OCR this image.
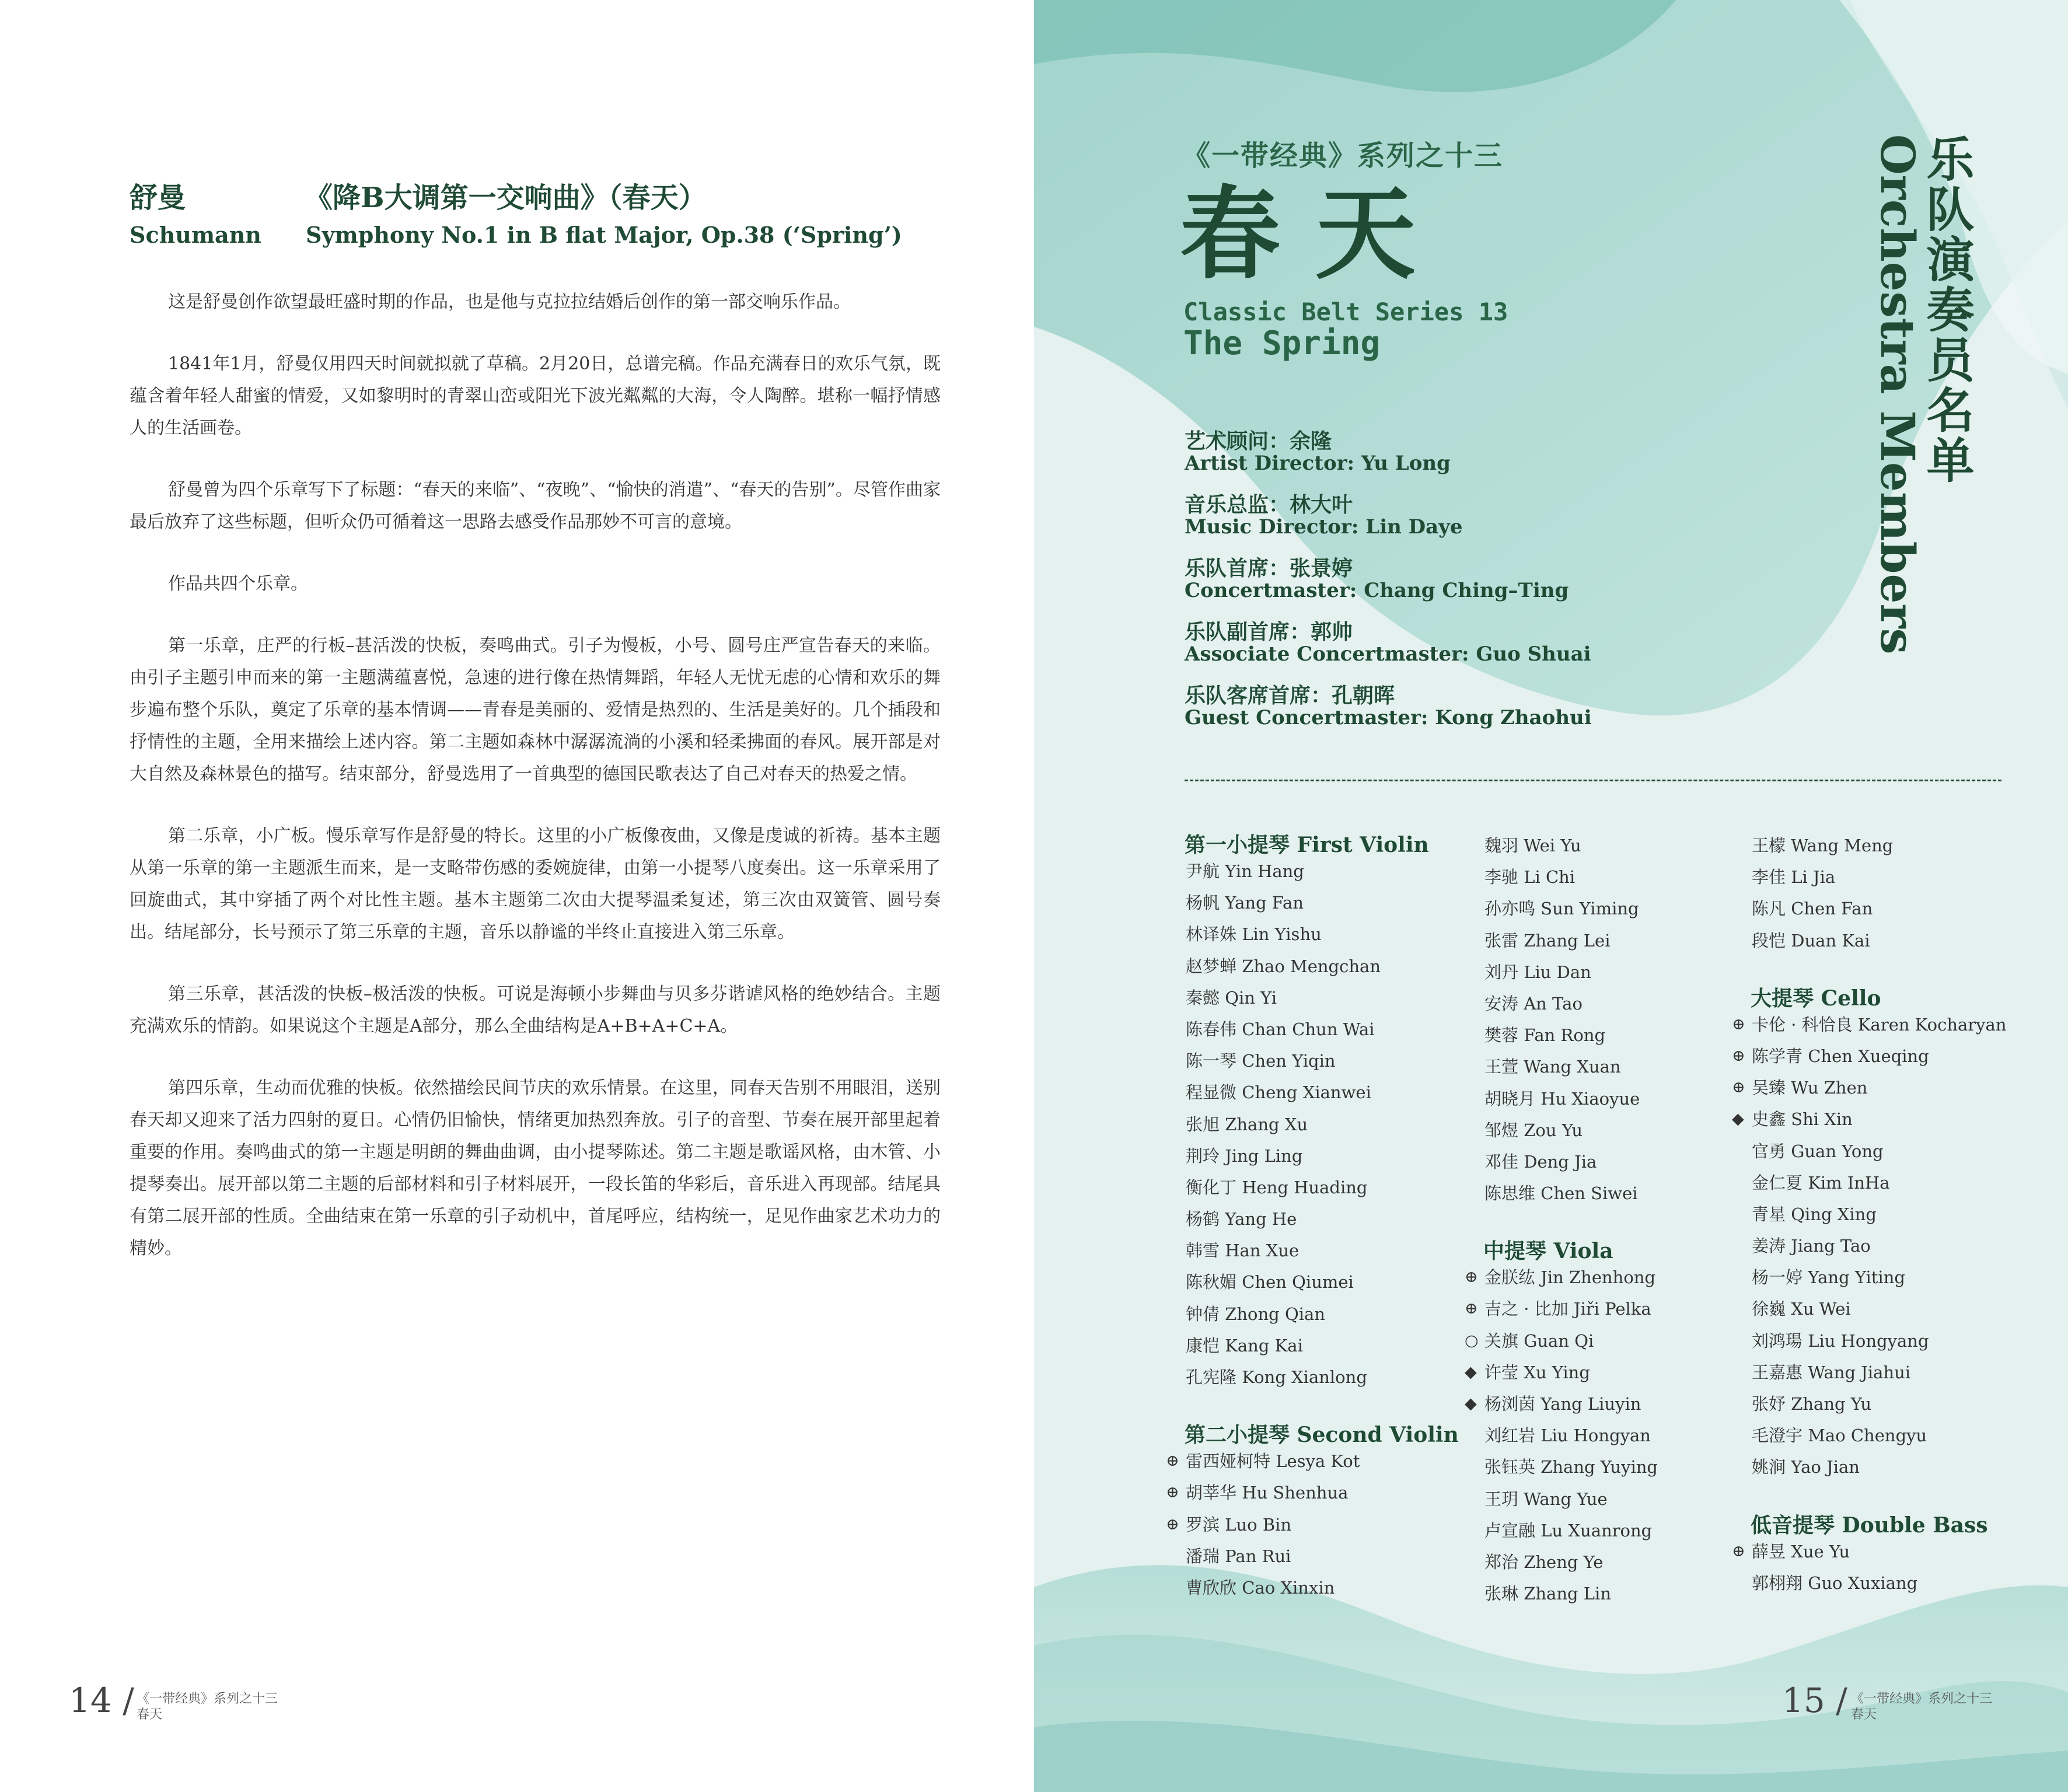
舒曼	《降B大调第一交响曲》（春天）
Schumann Symphony No.1 in B flat Major, Op.38 (‘Spring’)

这是舒曼创作欲望最旺盛时期的作品，也是他与克拉拉结婚后创作的第一部交响乐作品。

1841年1月，舒曼仅用四天时间就拟就了草稿。2月20日，总谱完稿。作品充满春日的欢乐气氛，既蕴含着年轻人甜蜜的情爱，又如黎明时的青翠山峦或阳光下波光粼粼的大海，令人陶醉。堪称一幅抒情感人的生活画卷。

舒曼曾为四个乐章写下了标题：“春天的来临”、“夜晚”、“愉快的消遣”、“春天的告别”。尽管作曲家最后放弃了这些标题，但听众仍可循着这一思路去感受作品那妙不可言的意境。

作品共四个乐章。

第一乐章，庄严的行板–甚活泼的快板，奏鸣曲式。引子为慢板，小号、圆号庄严宣告春天的来临。由引子主题引申而来的第一主题满蕴喜悦，急速的进行像在热情舞蹈，年轻人无忧无虑的心情和欢乐的舞步遍布整个乐队，奠定了乐章的基本情调——青春是美丽的、爱情是热烈的、生活是美好的。几个插段和抒情性的主题，全用来描绘上述内容。第二主题如森林中潺潺流淌的小溪和轻柔拂面的春风。展开部是对大自然及森林景色的描写。结束部分，舒曼选用了一首典型的德国民歌表达了自己对春天的热爱之情。

第二乐章，小广板。慢乐章写作是舒曼的特长。这里的小广板像夜曲，又像是虔诚的祈祷。基本主题从第一乐章的第一主题派生而来，是一支略带伤感的委婉旋律，由第一小提琴八度奏出。这一乐章采用了回旋曲式，其中穿插了两个对比性主题。基本主题第二次由大提琴温柔复述，第三次由双簧管、圆号奏出。结尾部分，长号预示了第三乐章的主题，音乐以静谧的半终止直接进入第三乐章。

第三乐章，甚活泼的快板–极活泼的快板。可说是海顿小步舞曲与贝多芬谐谑风格的绝妙结合。主题充满欢乐的情韵。如果说这个主题是A部分，那么全曲结构是A+B+A+C+A。

第四乐章，生动而优雅的快板。依然描绘民间节庆的欢乐情景。在这里，同春天告别不用眼泪，送别春天却又迎来了活力四射的夏日。心情仍旧愉快，情绪更加热烈奔放。引子的音型、节奏在展开部里起着重要的作用。奏鸣曲式的第一主题是明朗的舞曲曲调，由小提琴陈述。第二主题是歌谣风格，由木管、小提琴奏出。展开部以第二主题的后部材料和引子材料展开，一段长笛的华彩后，音乐进入再现部。结尾具有第二展开部的性质。全曲结束在第一乐章的引子动机中，首尾呼应，结构统一，足见作曲家艺术功力的精妙。

14 / 《一带经典》系列之十三
春天
《一带经典》系列之十三
春天
Classic Belt Series 13
The Spring	乐队演奏员名单
Orchestra Members
艺术顾问：余隆
Artist Director: Yu Long
音乐总监：林大叶
Music Director: Lin Daye
乐队首席：张景婷
Concertmaster: Chang Ching–Ting
乐队副首席：郭帅
Associate Concertmaster: Guo Shuai
乐队客席首席：孔朝晖
Guest Concertmaster: Kong Zhaohui
第一小提琴 First Violin
尹航 Yin Hang
杨帆 Yang Fan
林译姝 Lin Yishu
赵梦蝉 Zhao Mengchan
秦懿 Qin Yi
陈春伟 Chan Chun Wai
陈一琴 Chen Yiqin
程显微 Cheng Xianwei
张旭 Zhang Xu
荆玲 Jing Ling
衡化丁 Heng Huading
杨鹤 Yang He
韩雪 Han Xue
陈秋媚 Chen Qiumei
钟倩 Zhong Qian
康恺 Kang Kai
孔宪隆 Kong Xianlong
第二小提琴 Second Violin
⊕ 雷西娅柯特 Lesya Kot
⊕ 胡莘华 Hu Shenhua
⊕ 罗滨 Luo Bin
潘瑞 Pan Rui
曹欣欣 Cao Xinxin
魏羽 Wei Yu
李驰 Li Chi
孙亦鸣 Sun Yiming
张雷 Zhang Lei
刘丹 Liu Dan
安涛 An Tao
樊蓉 Fan Rong
王萱 Wang Xuan
胡晓月 Hu Xiaoyue
邹煜 Zou Yu
邓佳 Deng Jia
陈思维 Chen Siwei
中提琴 Viola
⊕ 金朕纮 Jin Zhenhong
⊕ 吉之 · 比加 Jiři Pelka
○ 关旗 Guan Qi
◆ 许莹 Xu Ying
◆ 杨浏茵 Yang Liuyin
刘红岩 Liu Hongyan
张钰英 Zhang Yuying
王玥 Wang Yue
卢宣融 Lu Xuanrong
郑治 Zheng Ye
张琳 Zhang Lin
王檬 Wang Meng
李佳 Li Jia
陈凡 Chen Fan
段恺 Duan Kai
大提琴 Cello
⊕ 卡伦 · 科恰良 Karen Kocharyan
⊕ 陈学青 Chen Xueqing
⊕ 吴臻 Wu Zhen
◆ 史鑫 Shi Xin
官勇 Guan Yong
金仁夏 Kim InHa
青星 Qing Xing
姜涛 Jiang Tao
杨一婷 Yang Yiting
徐巍 Xu Wei
刘鸿瑒 Liu Hongyang
王嘉惠 Wang Jiahui
张妤 Zhang Yu
毛澄宇 Mao Chengyu
姚涧 Yao Jian
低音提琴 Double Bass
⊕ 薛昱 Xue Yu
郭栩翔 Guo Xuxiang
15 / 《一带经典》系列之十三
春天
